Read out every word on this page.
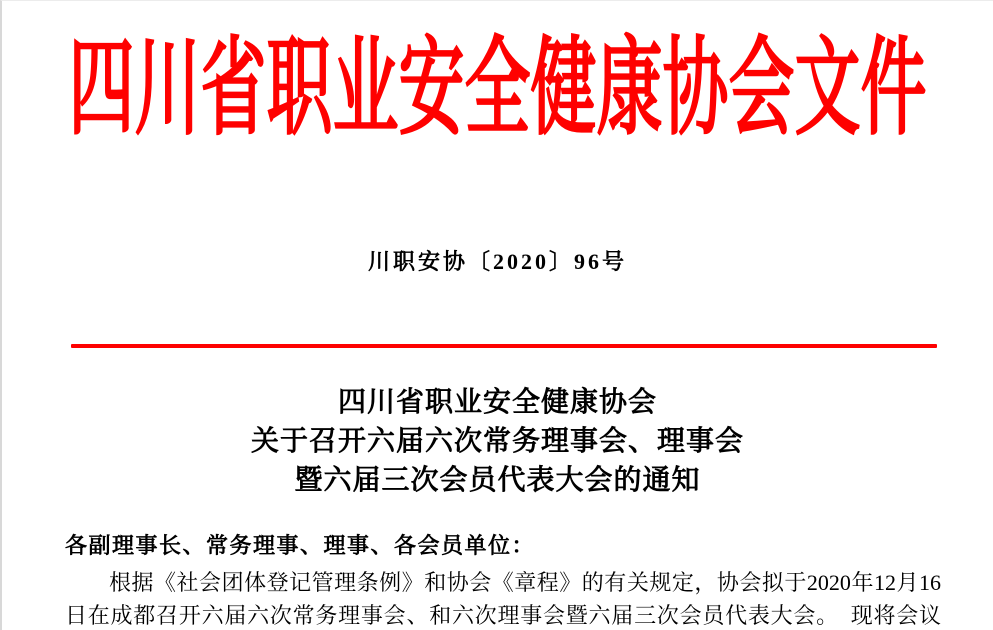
四川省职业安全健康协会文件
川职安协〔2020〕96号
四川省职业安全健康协会
关于召开六届六次常务理事会、理事会
暨六届三次会员代表大会的通知
各副理事长、常务理事、理事、各会员单位：
根据《社会团体登记管理条例》和协会《章程》的有关规定，协会拟于2020年12月16
日在成都召开六届六次常务理事会、和六次理事会暨六届三次会员代表大会。　现将会议
